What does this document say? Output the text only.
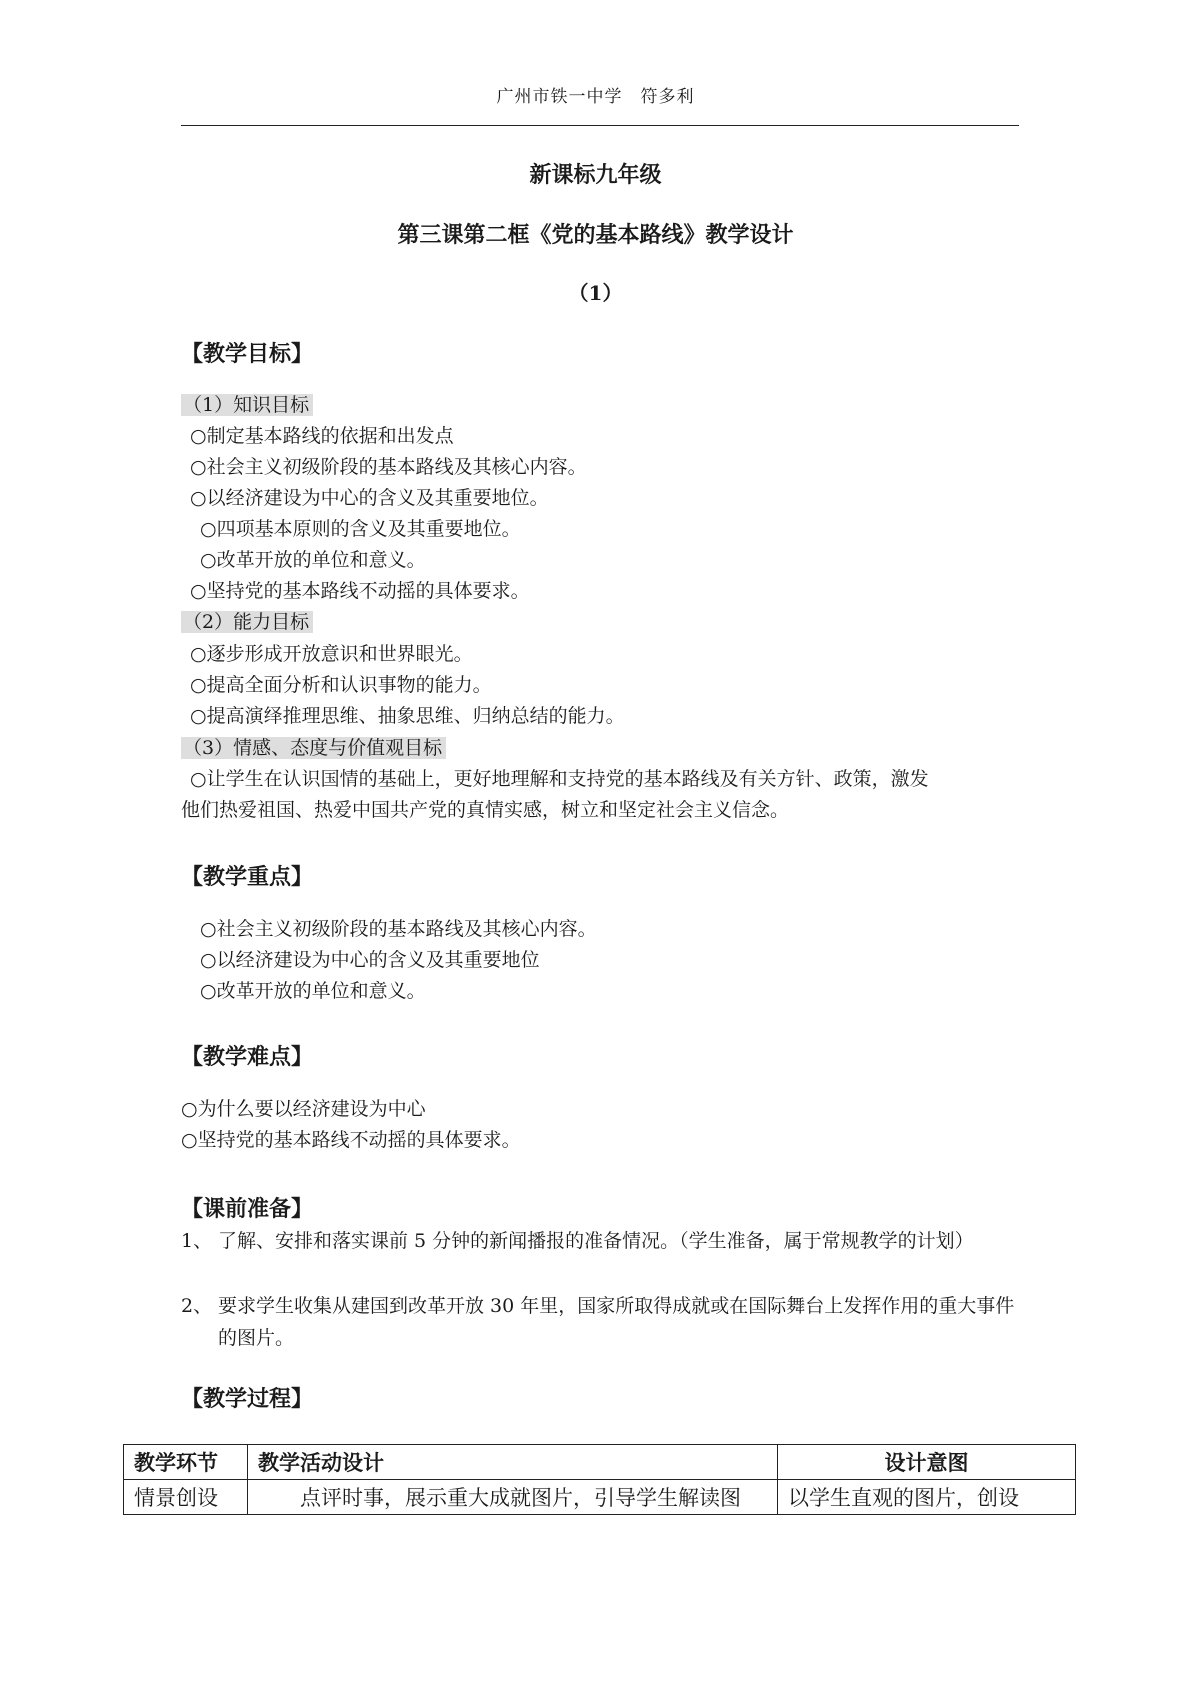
广州市铁一中学　符多利
新课标九年级
第三课第二框《党的基本路线》教学设计
（1）
【教学目标】
（1）知识目标
○制定基本路线的依据和出发点
○社会主义初级阶段的基本路线及其核心内容。
○以经济建设为中心的含义及其重要地位。
○四项基本原则的含义及其重要地位。
○改革开放的单位和意义。
○坚持党的基本路线不动摇的具体要求。
（2）能力目标
○逐步形成开放意识和世界眼光。
○提高全面分析和认识事物的能力。
○提高演绎推理思维、抽象思维、归纳总结的能力。
（3）情感、态度与价值观目标
○让学生在认识国情的基础上，更好地理解和支持党的基本路线及有关方针、政策，激发
他们热爱祖国、热爱中国共产党的真情实感，树立和坚定社会主义信念。
【教学重点】
○社会主义初级阶段的基本路线及其核心内容。
○以经济建设为中心的含义及其重要地位
○改革开放的单位和意义。
【教学难点】
○为什么要以经济建设为中心
○坚持党的基本路线不动摇的具体要求。
【课前准备】
1、 了解、安排和落实课前 5 分钟的新闻播报的准备情况。（学生准备，属于常规教学的计划）
2、 要求学生收集从建国到改革开放 30 年里，国家所取得成就或在国际舞台上发挥作用的重大事件的图片。
【教学过程】
教学环节	教学活动设计	设计意图
情景创设	　　点评时事，展示重大成就图片，引导学生解读图	以学生直观的图片，创设
